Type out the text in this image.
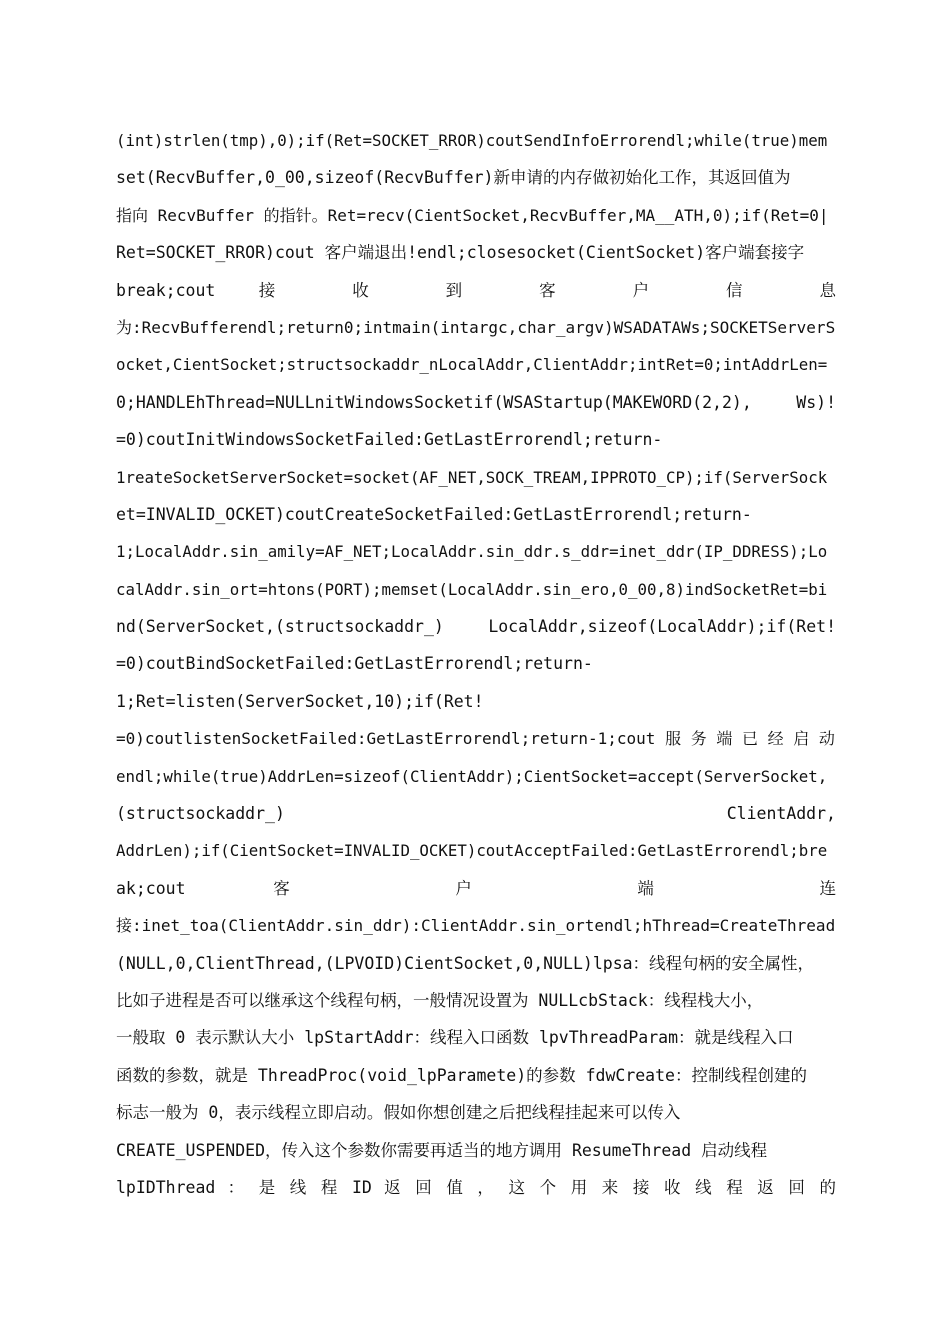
(int)strlen(tmp),0);if(Ret=SOCKET_RROR)coutSendInfoErrorendl;while(true)mem
set(RecvBuffer,0_00,sizeof(RecvBuffer)新申请的内存做初始化工作，其返回值为
指向 RecvBuffer 的指针。Ret=recv(CientSocket,RecvBuffer,MA__ATH,0);if(Ret=0|
Ret=SOCKET_RROR)cout 客户端退出!endl;closesocket(CientSocket)客户端套接字
break;cout 接 收 到 客 户 信 息
为:RecvBufferendl;return0;intmain(intargc,char_argv)WSADATAWs;SOCKETServerS
ocket,CientSocket;structsockaddr_nLocalAddr,ClientAddr;intRet=0;intAddrLen=
0;HANDLEhThread=NULLnitWindowsSocketif(WSAStartup(MAKEWORD(2,2), Ws)!
=0)coutInitWindowsSocketFailed:GetLastErrorendl;return-
1reateSocketServerSocket=socket(AF_NET,SOCK_TREAM,IPPROTO_CP);if(ServerSock
et=INVALID_OCKET)coutCreateSocketFailed:GetLastErrorendl;return-
1;LocalAddr.sin_amily=AF_NET;LocalAddr.sin_ddr.s_ddr=inet_ddr(IP_DDRESS);Lo
calAddr.sin_ort=htons(PORT);memset(LocalAddr.sin_ero,0_00,8)indSocketRet=bi
nd(ServerSocket,(structsockaddr_) LocalAddr,sizeof(LocalAddr);if(Ret!
=0)coutBindSocketFailed:GetLastErrorendl;return-
1;Ret=listen(ServerSocket,10);if(Ret!
=0)coutlistenSocketFailed:GetLastErrorendl;return-1;cout 服 务 端 已 经 启 动
endl;while(true)AddrLen=sizeof(ClientAddr);CientSocket=accept(ServerSocket,
(structsockaddr_) ClientAddr,
AddrLen);if(CientSocket=INVALID_OCKET)coutAcceptFailed:GetLastErrorendl;bre
ak;cout 客 户 端 连
接:inet_toa(ClientAddr.sin_ddr):ClientAddr.sin_ortendl;hThread=CreateThread
(NULL,0,ClientThread,(LPVOID)CientSocket,0,NULL)lpsa：线程句柄的安全属性，
比如子进程是否可以继承这个线程句柄，一般情况设置为 NULLcbStack：线程栈大小，
一般取 0 表示默认大小 lpStartAddr：线程入口函数 lpvThreadParam：就是线程入口
函数的参数，就是 ThreadProc(void_lpParamete)的参数 fdwCreate：控制线程创建的
标志一般为 0，表示线程立即启动。假如你想创建之后把线程挂起来可以传入
CREATE_USPENDED，传入这个参数你需要再适当的地方调用 ResumeThread 启动线程
lpIDThread ： 是 线 程 ID 返 回 值 ， 这 个 用 来 接 收 线 程 返 回 的
